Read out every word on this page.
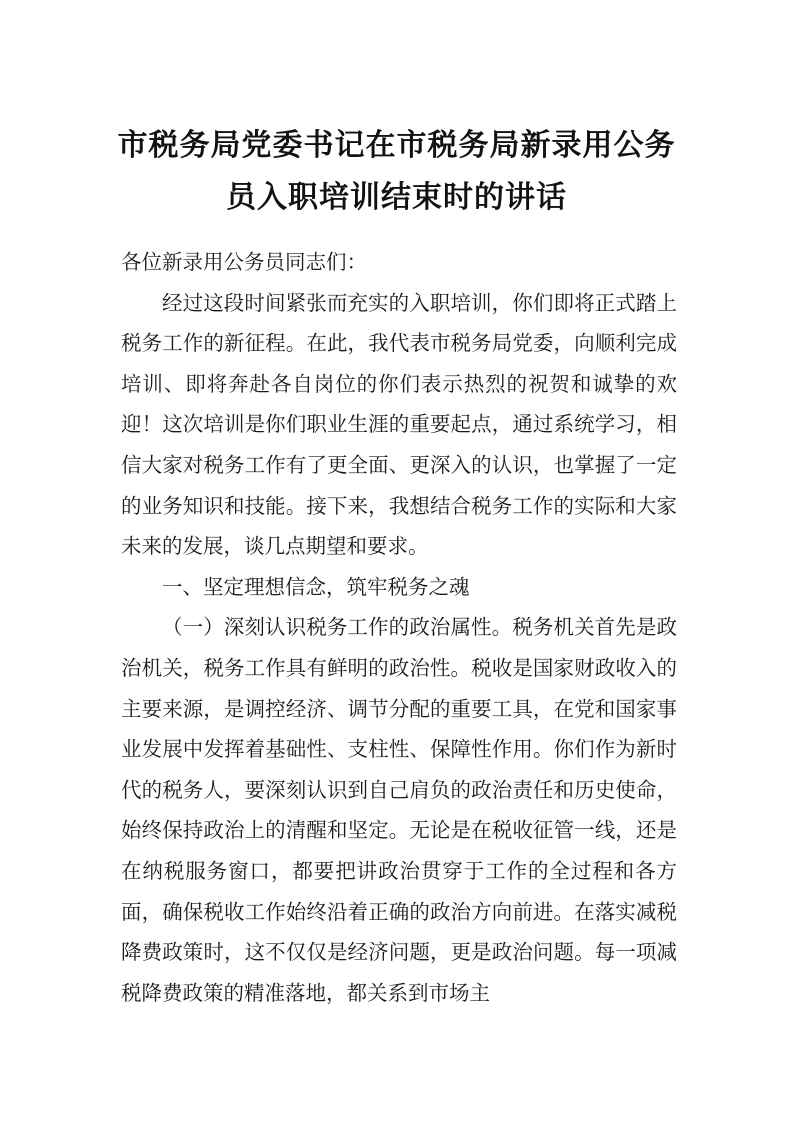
市税务局党委书记在市税务局新录用公务
员入职培训结束时的讲话

各位新录用公务员同志们：

经过这段时间紧张而充实的入职培训，你们即将正式踏上税务工作的新征程。在此，我代表市税务局党委，向顺利完成培训、即将奔赴各自岗位的你们表示热烈的祝贺和诚挚的欢迎！这次培训是你们职业生涯的重要起点，通过系统学习，相信大家对税务工作有了更全面、更深入的认识，也掌握了一定的业务知识和技能。接下来，我想结合税务工作的实际和大家未来的发展，谈几点期望和要求。

一、坚定理想信念，筑牢税务之魂

（一）深刻认识税务工作的政治属性。税务机关首先是政治机关，税务工作具有鲜明的政治性。税收是国家财政收入的主要来源，是调控经济、调节分配的重要工具，在党和国家事业发展中发挥着基础性、支柱性、保障性作用。你们作为新时代的税务人，要深刻认识到自己肩负的政治责任和历史使命，始终保持政治上的清醒和坚定。无论是在税收征管一线，还是在纳税服务窗口，都要把讲政治贯穿于工作的全过程和各方面，确保税收工作始终沿着正确的政治方向前进。在落实减税降费政策时，这不仅仅是经济问题，更是政治问题。每一项减税降费政策的精准落地，都关系到市场主
